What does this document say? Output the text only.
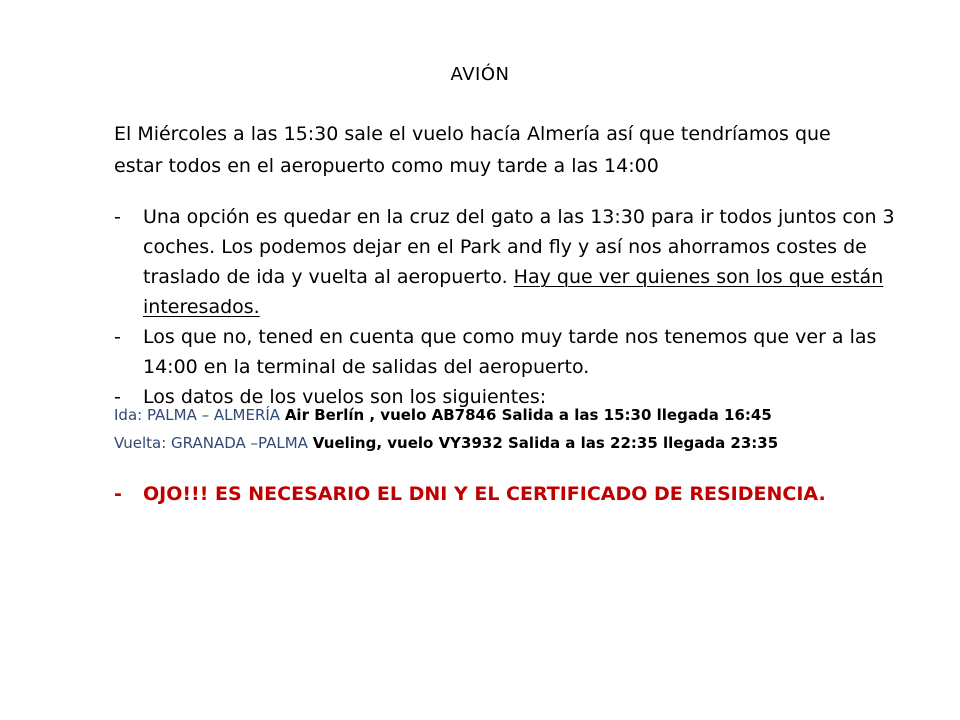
AVIÓN
El Miércoles a las 15:30 sale el vuelo hacía Almería así que tendríamos que estar todos en el aeropuerto como muy tarde a las 14:00
- Una opción es quedar en la cruz del gato a las 13:30 para ir todos juntos con 3 coches. Los podemos dejar en el Park and fly y así nos ahorramos costes de traslado de ida y vuelta al aeropuerto. Hay que ver quienes son los que están interesados.
- Los que no, tened en cuenta que como muy tarde nos tenemos que ver a las 14:00 en la terminal de salidas del aeropuerto.
- Los datos de los vuelos son los siguientes:
Ida: PALMA – ALMERÍA Air Berlín , vuelo AB7846 Salida a las 15:30 llegada 16:45
Vuelta: GRANADA –PALMA Vueling, vuelo VY3932 Salida a las 22:35 llegada 23:35
- OJO!!! ES NECESARIO EL DNI Y EL CERTIFICADO DE RESIDENCIA.
